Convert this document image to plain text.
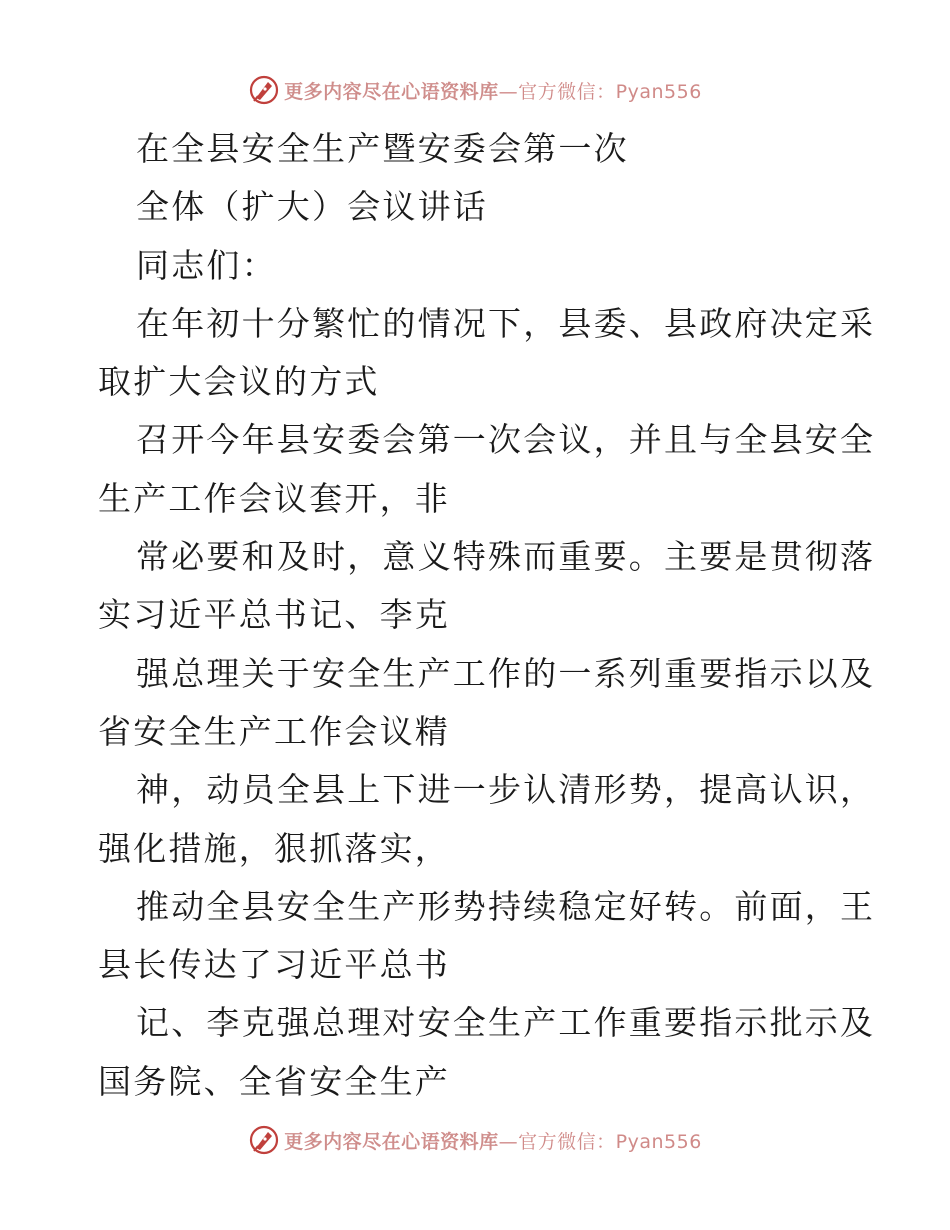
更多内容尽在心语资料库—官方微信：Pyan556
在全县安全生产暨安委会第一次
全体（扩大）会议讲话
同志们：
在年初十分繁忙的情况下，县委、县政府决定采
取扩大会议的方式
召开今年县安委会第一次会议，并且与全县安全
生产工作会议套开，非
常必要和及时，意义特殊而重要。主要是贯彻落
实习近平总书记、李克
强总理关于安全生产工作的一系列重要指示以及
省安全生产工作会议精
神，动员全县上下进一步认清形势，提高认识，
强化措施，狠抓落实，
推动全县安全生产形势持续稳定好转。前面，王
县长传达了习近平总书
记、李克强总理对安全生产工作重要指示批示及
国务院、全省安全生产
更多内容尽在心语资料库—官方微信：Pyan556
